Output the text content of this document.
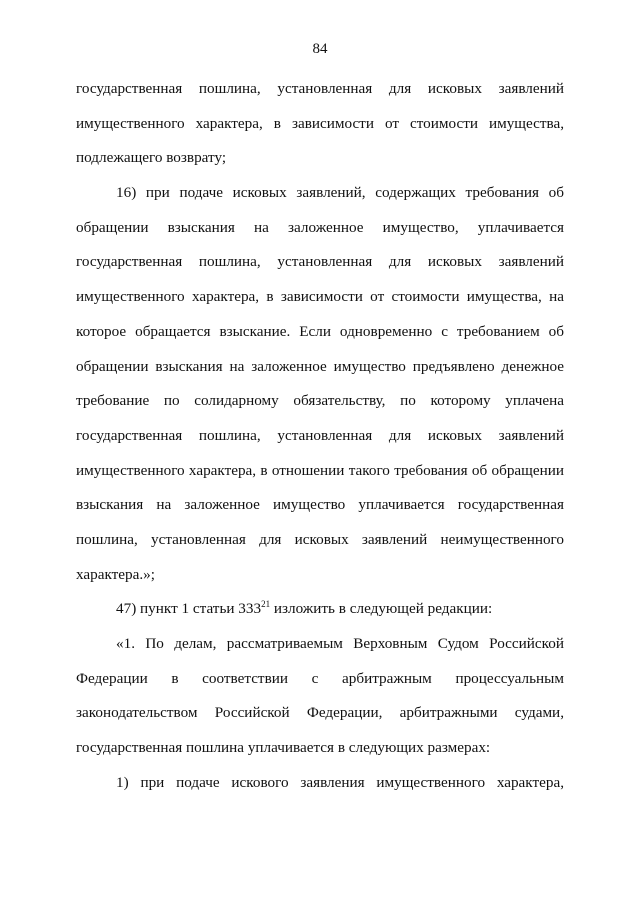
84
государственная пошлина, установленная для исковых заявлений
имущественного характера, в зависимости от стоимости имущества,
подлежащего возврату;
16) при подаче исковых заявлений, содержащих требования об
обращении взыскания на заложенное имущество, уплачивается
государственная пошлина, установленная для исковых заявлений
имущественного характера, в зависимости от стоимости имущества, на
которое обращается взыскание. Если одновременно с требованием об
обращении взыскания на заложенное имущество предъявлено денежное
требование по солидарному обязательству, по которому уплачена
государственная пошлина, установленная для исковых заявлений
имущественного характера, в отношении такого требования об обращении
взыскания на заложенное имущество уплачивается государственная
пошлина, установленная для исковых заявлений неимущественного
характера.»;
47) пункт 1 статьи $333^{21}$ изложить в следующей редакции:
«1. По делам, рассматриваемым Верховным Судом Российской
Федерации в соответствии с арбитражным процессуальным
законодательством Российской Федерации, арбитражными судами,
государственная пошлина уплачивается в следующих размерах:
1) при подаче искового заявления имущественного характера,
